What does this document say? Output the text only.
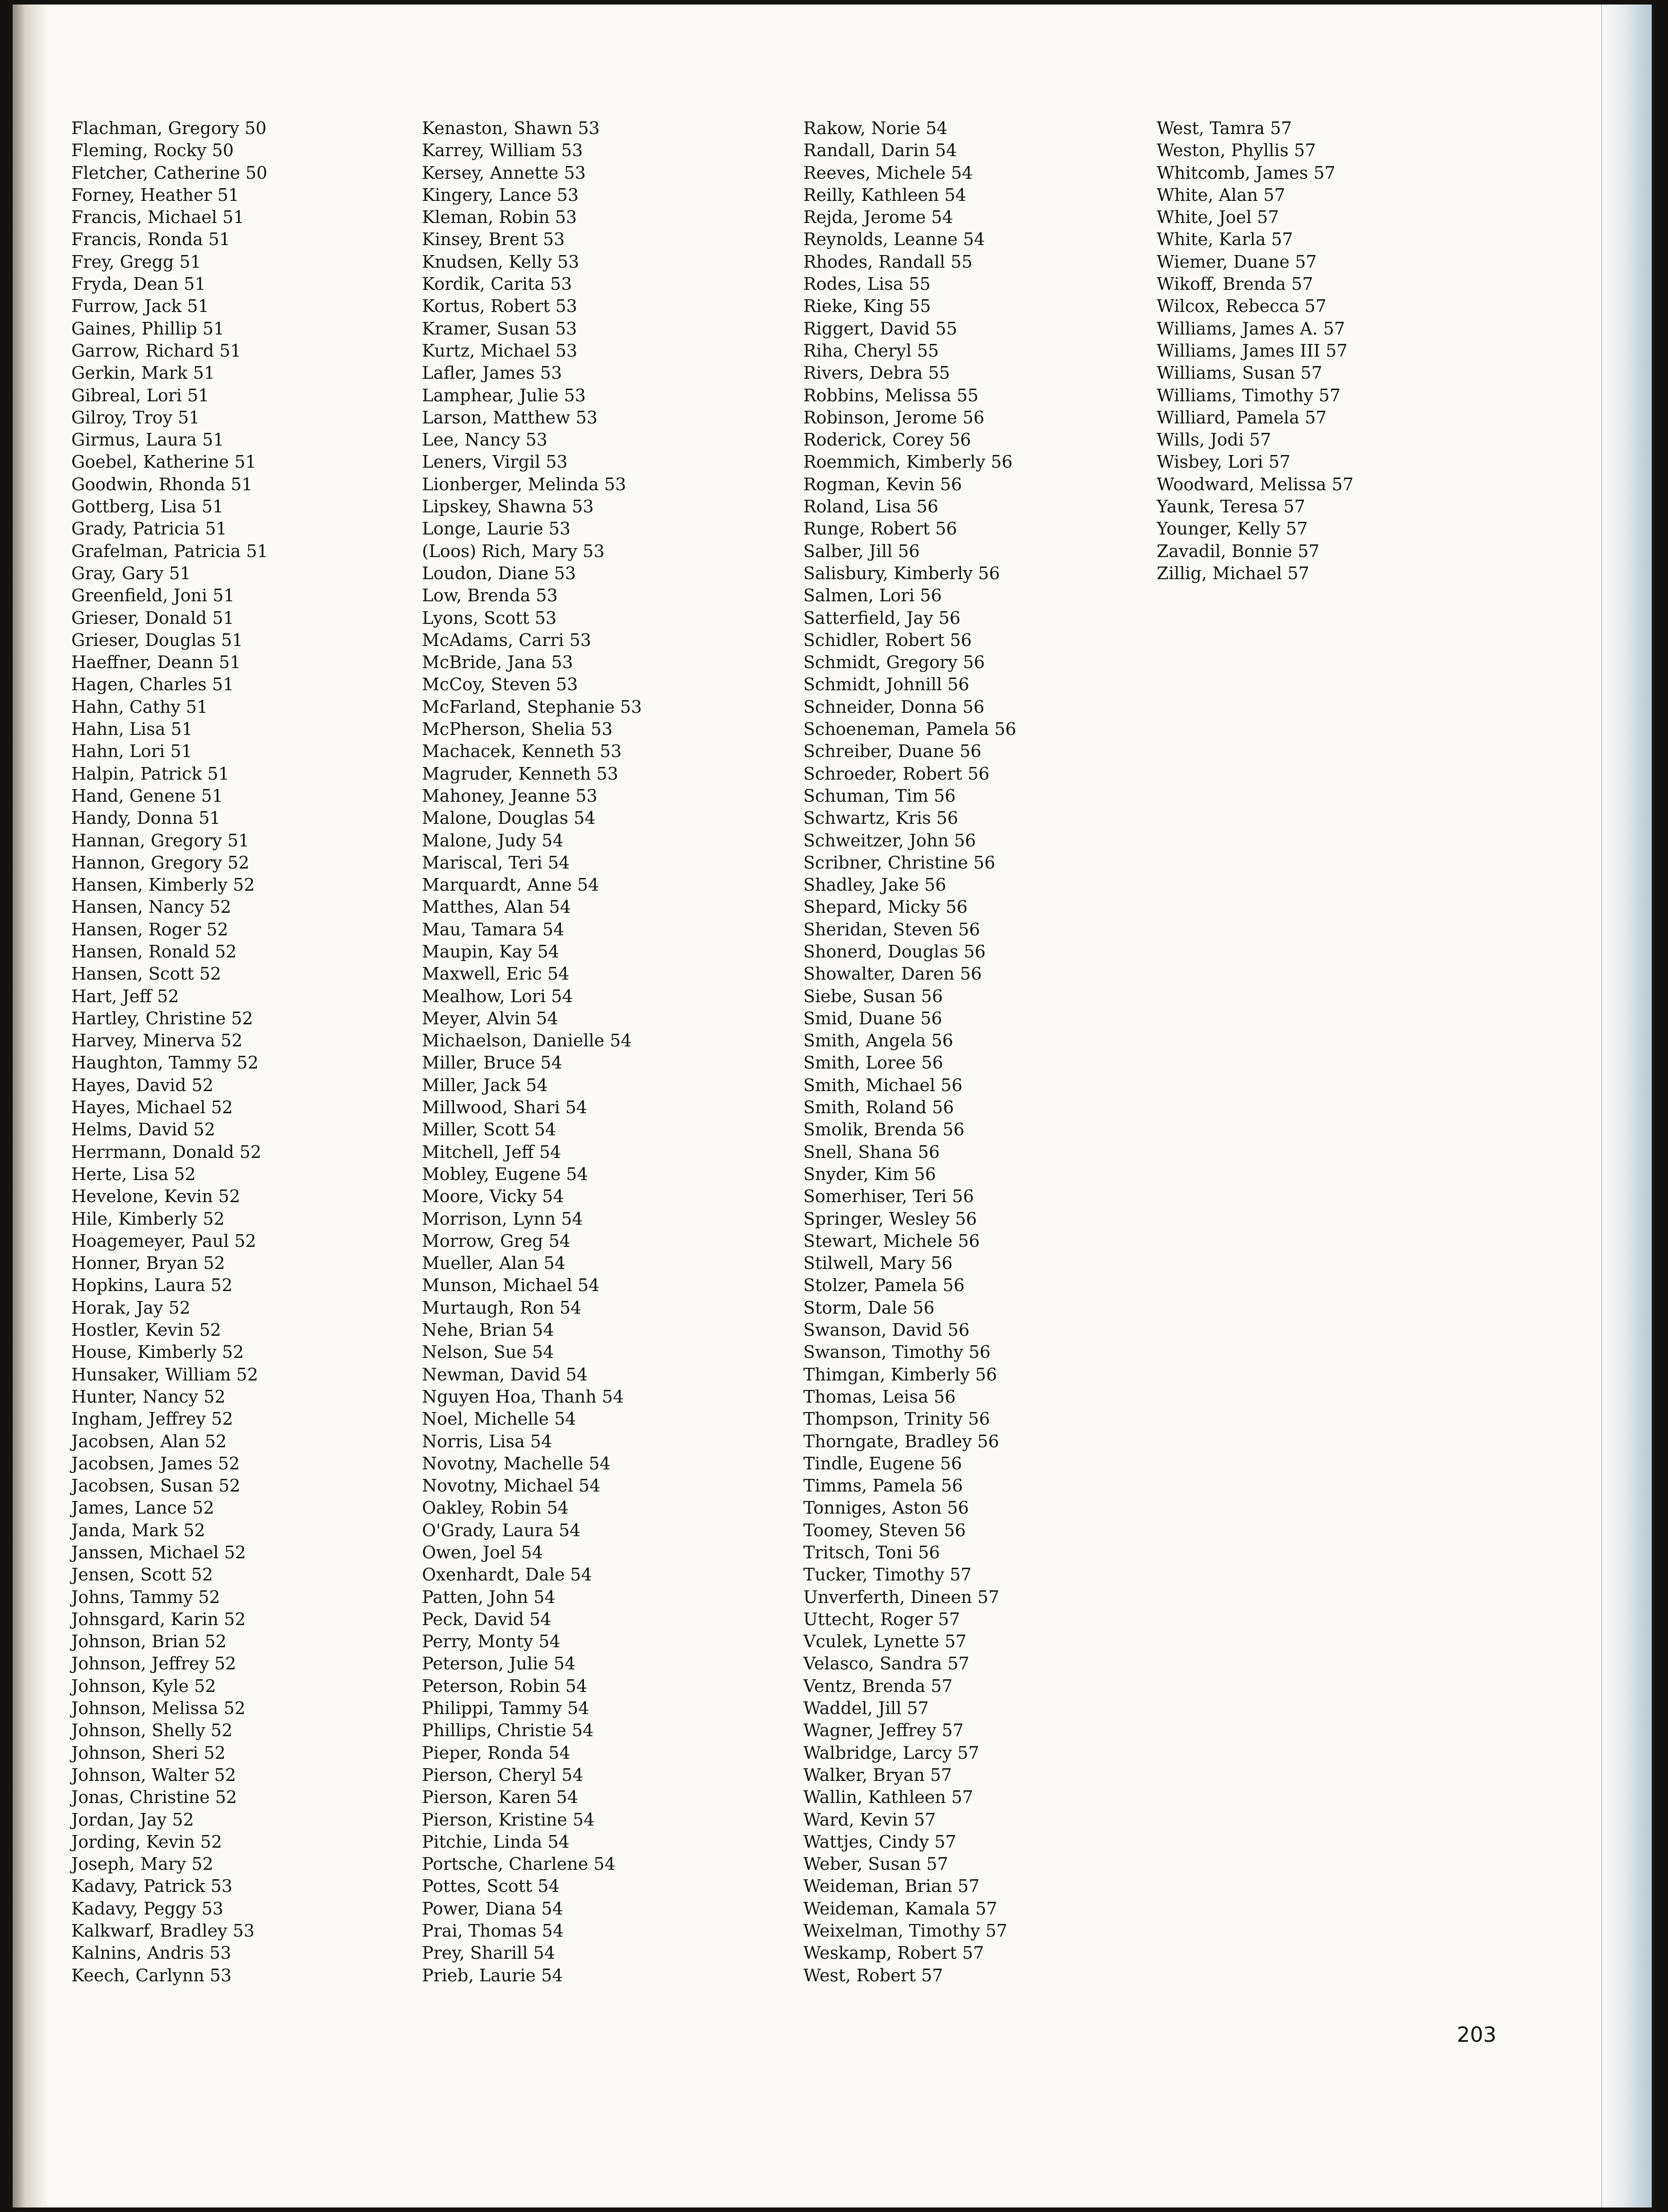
Flachman, Gregory 50
Fleming, Rocky 50
Fletcher, Catherine 50
Forney, Heather 51
Francis, Michael 51
Francis, Ronda 51
Frey, Gregg 51
Fryda, Dean 51
Furrow, Jack 51
Gaines, Phillip 51
Garrow, Richard 51
Gerkin, Mark 51
Gibreal, Lori 51
Gilroy, Troy 51
Girmus, Laura 51
Goebel, Katherine 51
Goodwin, Rhonda 51
Gottberg, Lisa 51
Grady, Patricia 51
Grafelman, Patricia 51
Gray, Gary 51
Greenfield, Joni 51
Grieser, Donald 51
Grieser, Douglas 51
Haeffner, Deann 51
Hagen, Charles 51
Hahn, Cathy 51
Hahn, Lisa 51
Hahn, Lori 51
Halpin, Patrick 51
Hand, Genene 51
Handy, Donna 51
Hannan, Gregory 51
Hannon, Gregory 52
Hansen, Kimberly 52
Hansen, Nancy 52
Hansen, Roger 52
Hansen, Ronald 52
Hansen, Scott 52
Hart, Jeff 52
Hartley, Christine 52
Harvey, Minerva 52
Haughton, Tammy 52
Hayes, David 52
Hayes, Michael 52
Helms, David 52
Herrmann, Donald 52
Herte, Lisa 52
Hevelone, Kevin 52
Hile, Kimberly 52
Hoagemeyer, Paul 52
Honner, Bryan 52
Hopkins, Laura 52
Horak, Jay 52
Hostler, Kevin 52
House, Kimberly 52
Hunsaker, William 52
Hunter, Nancy 52
Ingham, Jeffrey 52
Jacobsen, Alan 52
Jacobsen, James 52
Jacobsen, Susan 52
James, Lance 52
Janda, Mark 52
Janssen, Michael 52
Jensen, Scott 52
Johns, Tammy 52
Johnsgard, Karin 52
Johnson, Brian 52
Johnson, Jeffrey 52
Johnson, Kyle 52
Johnson, Melissa 52
Johnson, Shelly 52
Johnson, Sheri 52
Johnson, Walter 52
Jonas, Christine 52
Jordan, Jay 52
Jording, Kevin 52
Joseph, Mary 52
Kadavy, Patrick 53
Kadavy, Peggy 53
Kalkwarf, Bradley 53
Kalnins, Andris 53
Keech, Carlynn 53
Kenaston, Shawn 53
Karrey, William 53
Kersey, Annette 53
Kingery, Lance 53
Kleman, Robin 53
Kinsey, Brent 53
Knudsen, Kelly 53
Kordik, Carita 53
Kortus, Robert 53
Kramer, Susan 53
Kurtz, Michael 53
Lafler, James 53
Lamphear, Julie 53
Larson, Matthew 53
Lee, Nancy 53
Leners, Virgil 53
Lionberger, Melinda 53
Lipskey, Shawna 53
Longe, Laurie 53
(Loos) Rich, Mary 53
Loudon, Diane 53
Low, Brenda 53
Lyons, Scott 53
McAdams, Carri 53
McBride, Jana 53
McCoy, Steven 53
McFarland, Stephanie 53
McPherson, Shelia 53
Machacek, Kenneth 53
Magruder, Kenneth 53
Mahoney, Jeanne 53
Malone, Douglas 54
Malone, Judy 54
Mariscal, Teri 54
Marquardt, Anne 54
Matthes, Alan 54
Mau, Tamara 54
Maupin, Kay 54
Maxwell, Eric 54
Mealhow, Lori 54
Meyer, Alvin 54
Michaelson, Danielle 54
Miller, Bruce 54
Miller, Jack 54
Millwood, Shari 54
Miller, Scott 54
Mitchell, Jeff 54
Mobley, Eugene 54
Moore, Vicky 54
Morrison, Lynn 54
Morrow, Greg 54
Mueller, Alan 54
Munson, Michael 54
Murtaugh, Ron 54
Nehe, Brian 54
Nelson, Sue 54
Newman, David 54
Nguyen Hoa, Thanh 54
Noel, Michelle 54
Norris, Lisa 54
Novotny, Machelle 54
Novotny, Michael 54
Oakley, Robin 54
O'Grady, Laura 54
Owen, Joel 54
Oxenhardt, Dale 54
Patten, John 54
Peck, David 54
Perry, Monty 54
Peterson, Julie 54
Peterson, Robin 54
Philippi, Tammy 54
Phillips, Christie 54
Pieper, Ronda 54
Pierson, Cheryl 54
Pierson, Karen 54
Pierson, Kristine 54
Pitchie, Linda 54
Portsche, Charlene 54
Pottes, Scott 54
Power, Diana 54
Prai, Thomas 54
Prey, Sharill 54
Prieb, Laurie 54
Rakow, Norie 54
Randall, Darin 54
Reeves, Michele 54
Reilly, Kathleen 54
Rejda, Jerome 54
Reynolds, Leanne 54
Rhodes, Randall 55
Rodes, Lisa 55
Rieke, King 55
Riggert, David 55
Riha, Cheryl 55
Rivers, Debra 55
Robbins, Melissa 55
Robinson, Jerome 56
Roderick, Corey 56
Roemmich, Kimberly 56
Rogman, Kevin 56
Roland, Lisa 56
Runge, Robert 56
Salber, Jill 56
Salisbury, Kimberly 56
Salmen, Lori 56
Satterfield, Jay 56
Schidler, Robert 56
Schmidt, Gregory 56
Schmidt, Johnill 56
Schneider, Donna 56
Schoeneman, Pamela 56
Schreiber, Duane 56
Schroeder, Robert 56
Schuman, Tim 56
Schwartz, Kris 56
Schweitzer, John 56
Scribner, Christine 56
Shadley, Jake 56
Shepard, Micky 56
Sheridan, Steven 56
Shonerd, Douglas 56
Showalter, Daren 56
Siebe, Susan 56
Smid, Duane 56
Smith, Angela 56
Smith, Loree 56
Smith, Michael 56
Smith, Roland 56
Smolik, Brenda 56
Snell, Shana 56
Snyder, Kim 56
Somerhiser, Teri 56
Springer, Wesley 56
Stewart, Michele 56
Stilwell, Mary 56
Stolzer, Pamela 56
Storm, Dale 56
Swanson, David 56
Swanson, Timothy 56
Thimgan, Kimberly 56
Thomas, Leisa 56
Thompson, Trinity 56
Thorngate, Bradley 56
Tindle, Eugene 56
Timms, Pamela 56
Tonniges, Aston 56
Toomey, Steven 56
Tritsch, Toni 56
Tucker, Timothy 57
Unverferth, Dineen 57
Uttecht, Roger 57
Vculek, Lynette 57
Velasco, Sandra 57
Ventz, Brenda 57
Waddel, Jill 57
Wagner, Jeffrey 57
Walbridge, Larcy 57
Walker, Bryan 57
Wallin, Kathleen 57
Ward, Kevin 57
Wattjes, Cindy 57
Weber, Susan 57
Weideman, Brian 57
Weideman, Kamala 57
Weixelman, Timothy 57
Weskamp, Robert 57
West, Robert 57
West, Tamra 57
Weston, Phyllis 57
Whitcomb, James 57
White, Alan 57
White, Joel 57
White, Karla 57
Wiemer, Duane 57
Wikoff, Brenda 57
Wilcox, Rebecca 57
Williams, James A. 57
Williams, James III 57
Williams, Susan 57
Williams, Timothy 57
Williard, Pamela 57
Wills, Jodi 57
Wisbey, Lori 57
Woodward, Melissa 57
Yaunk, Teresa 57
Younger, Kelly 57
Zavadil, Bonnie 57
Zillig, Michael 57
203
